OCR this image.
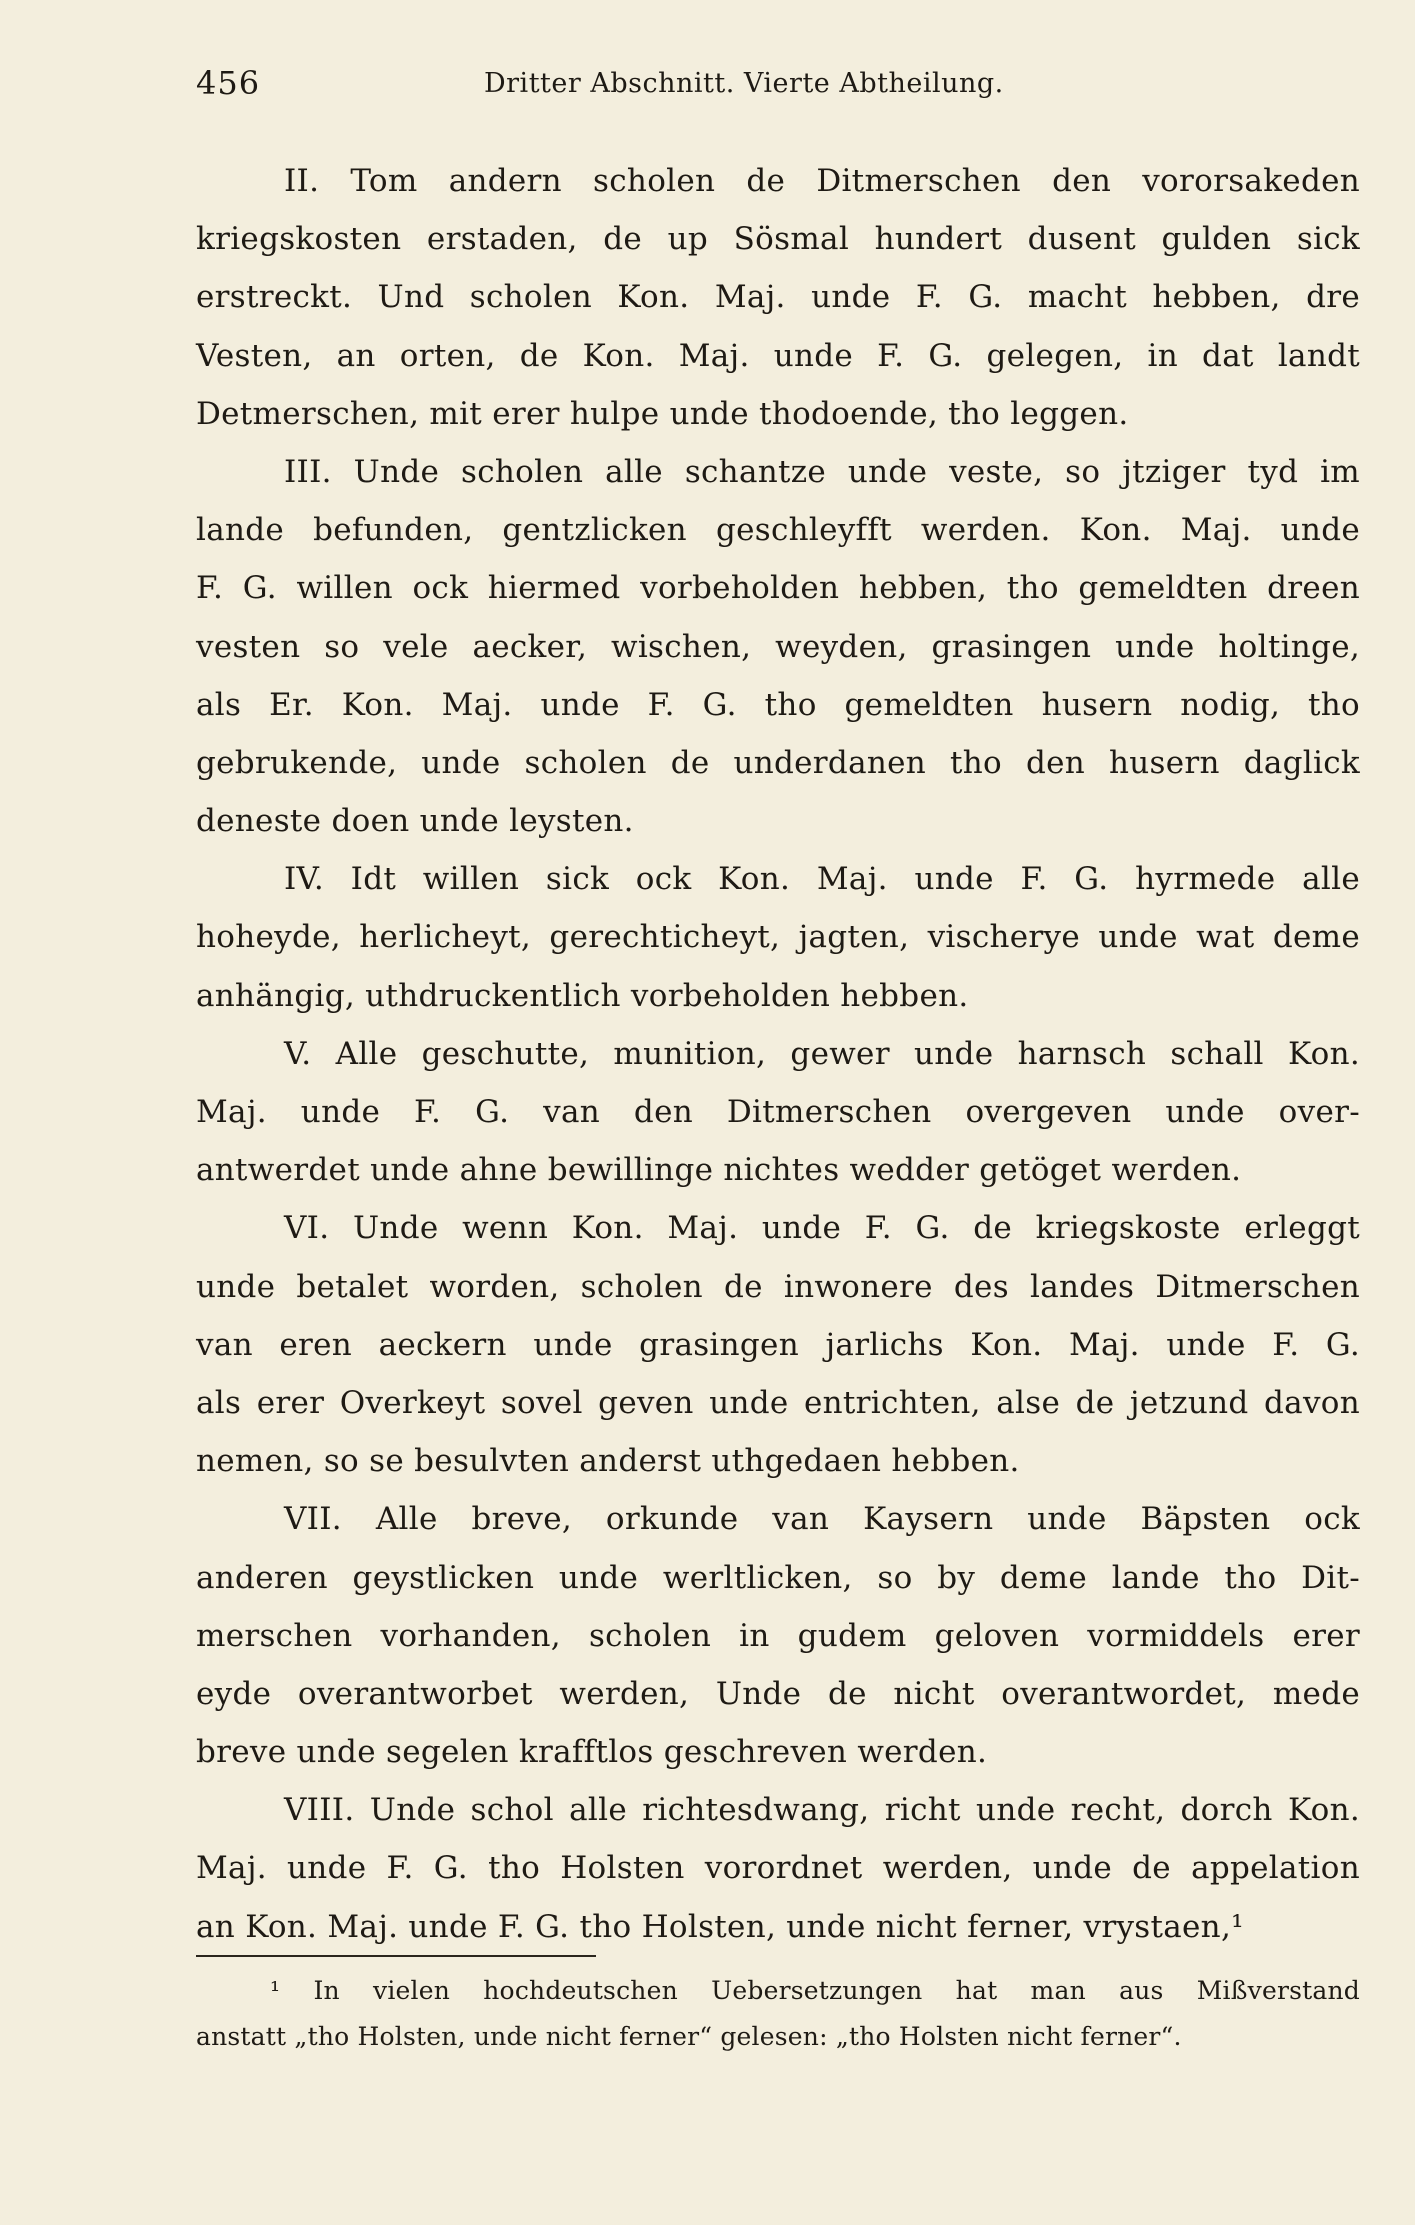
456	Dritter Abschnitt. Vierte Abtheilung.
II. Tom andern scholen de Ditmerschen den vororsakeden
kriegskosten erstaden, de up Sösmal hundert dusent gulden sick
erstreckt. Und scholen Kon. Maj. unde F. G. macht hebben, dre
Vesten, an orten, de Kon. Maj. unde F. G. gelegen, in dat landt
Detmerschen, mit erer hulpe unde thodoende, tho leggen.
III. Unde scholen alle schantze unde veste, so jtziger tyd im
lande befunden, gentzlicken geschleyfft werden. Kon. Maj. unde
F. G. willen ock hiermed vorbeholden hebben, tho gemeldten dreen
vesten so vele aecker, wischen, weyden, grasingen unde holtinge,
als Er. Kon. Maj. unde F. G. tho gemeldten husern nodig, tho
gebrukende, unde scholen de underdanen tho den husern daglick
deneste doen unde leysten.
IV. Idt willen sick ock Kon. Maj. unde F. G. hyrmede alle
hoheyde, herlicheyt, gerechticheyt, jagten, vischerye unde wat deme
anhängig, uthdruckentlich vorbeholden hebben.
V. Alle geschutte, munition, gewer unde harnsch schall Kon.
Maj. unde F. G. van den Ditmerschen overgeven unde over-
antwerdet unde ahne bewillinge nichtes wedder getöget werden.
VI. Unde wenn Kon. Maj. unde F. G. de kriegskoste erleggt
unde betalet worden, scholen de inwonere des landes Ditmerschen
van eren aeckern unde grasingen jarlichs Kon. Maj. unde F. G.
als erer Overkeyt sovel geven unde entrichten, alse de jetzund davon
nemen, so se besulvten anderst uthgedaen hebben.
VII. Alle breve, orkunde van Kaysern unde Bäpsten ock
anderen geystlicken unde werltlicken, so by deme lande tho Dit-
merschen vorhanden, scholen in gudem geloven vormiddels erer
eyde overantworbet werden, Unde de nicht overantwordet, mede
breve unde segelen krafftlos geschreven werden.
VIII. Unde schol alle richtesdwang, richt unde recht, dorch Kon.
Maj. unde F. G. tho Holsten vorordnet werden, unde de appelation
an Kon. Maj. unde F. G. tho Holsten, unde nicht ferner, vrystaen,¹
¹ In vielen hochdeutschen Uebersetzungen hat man aus Mißverstand
anstatt „tho Holsten, unde nicht ferner“ gelesen: „tho Holsten nicht ferner“.
